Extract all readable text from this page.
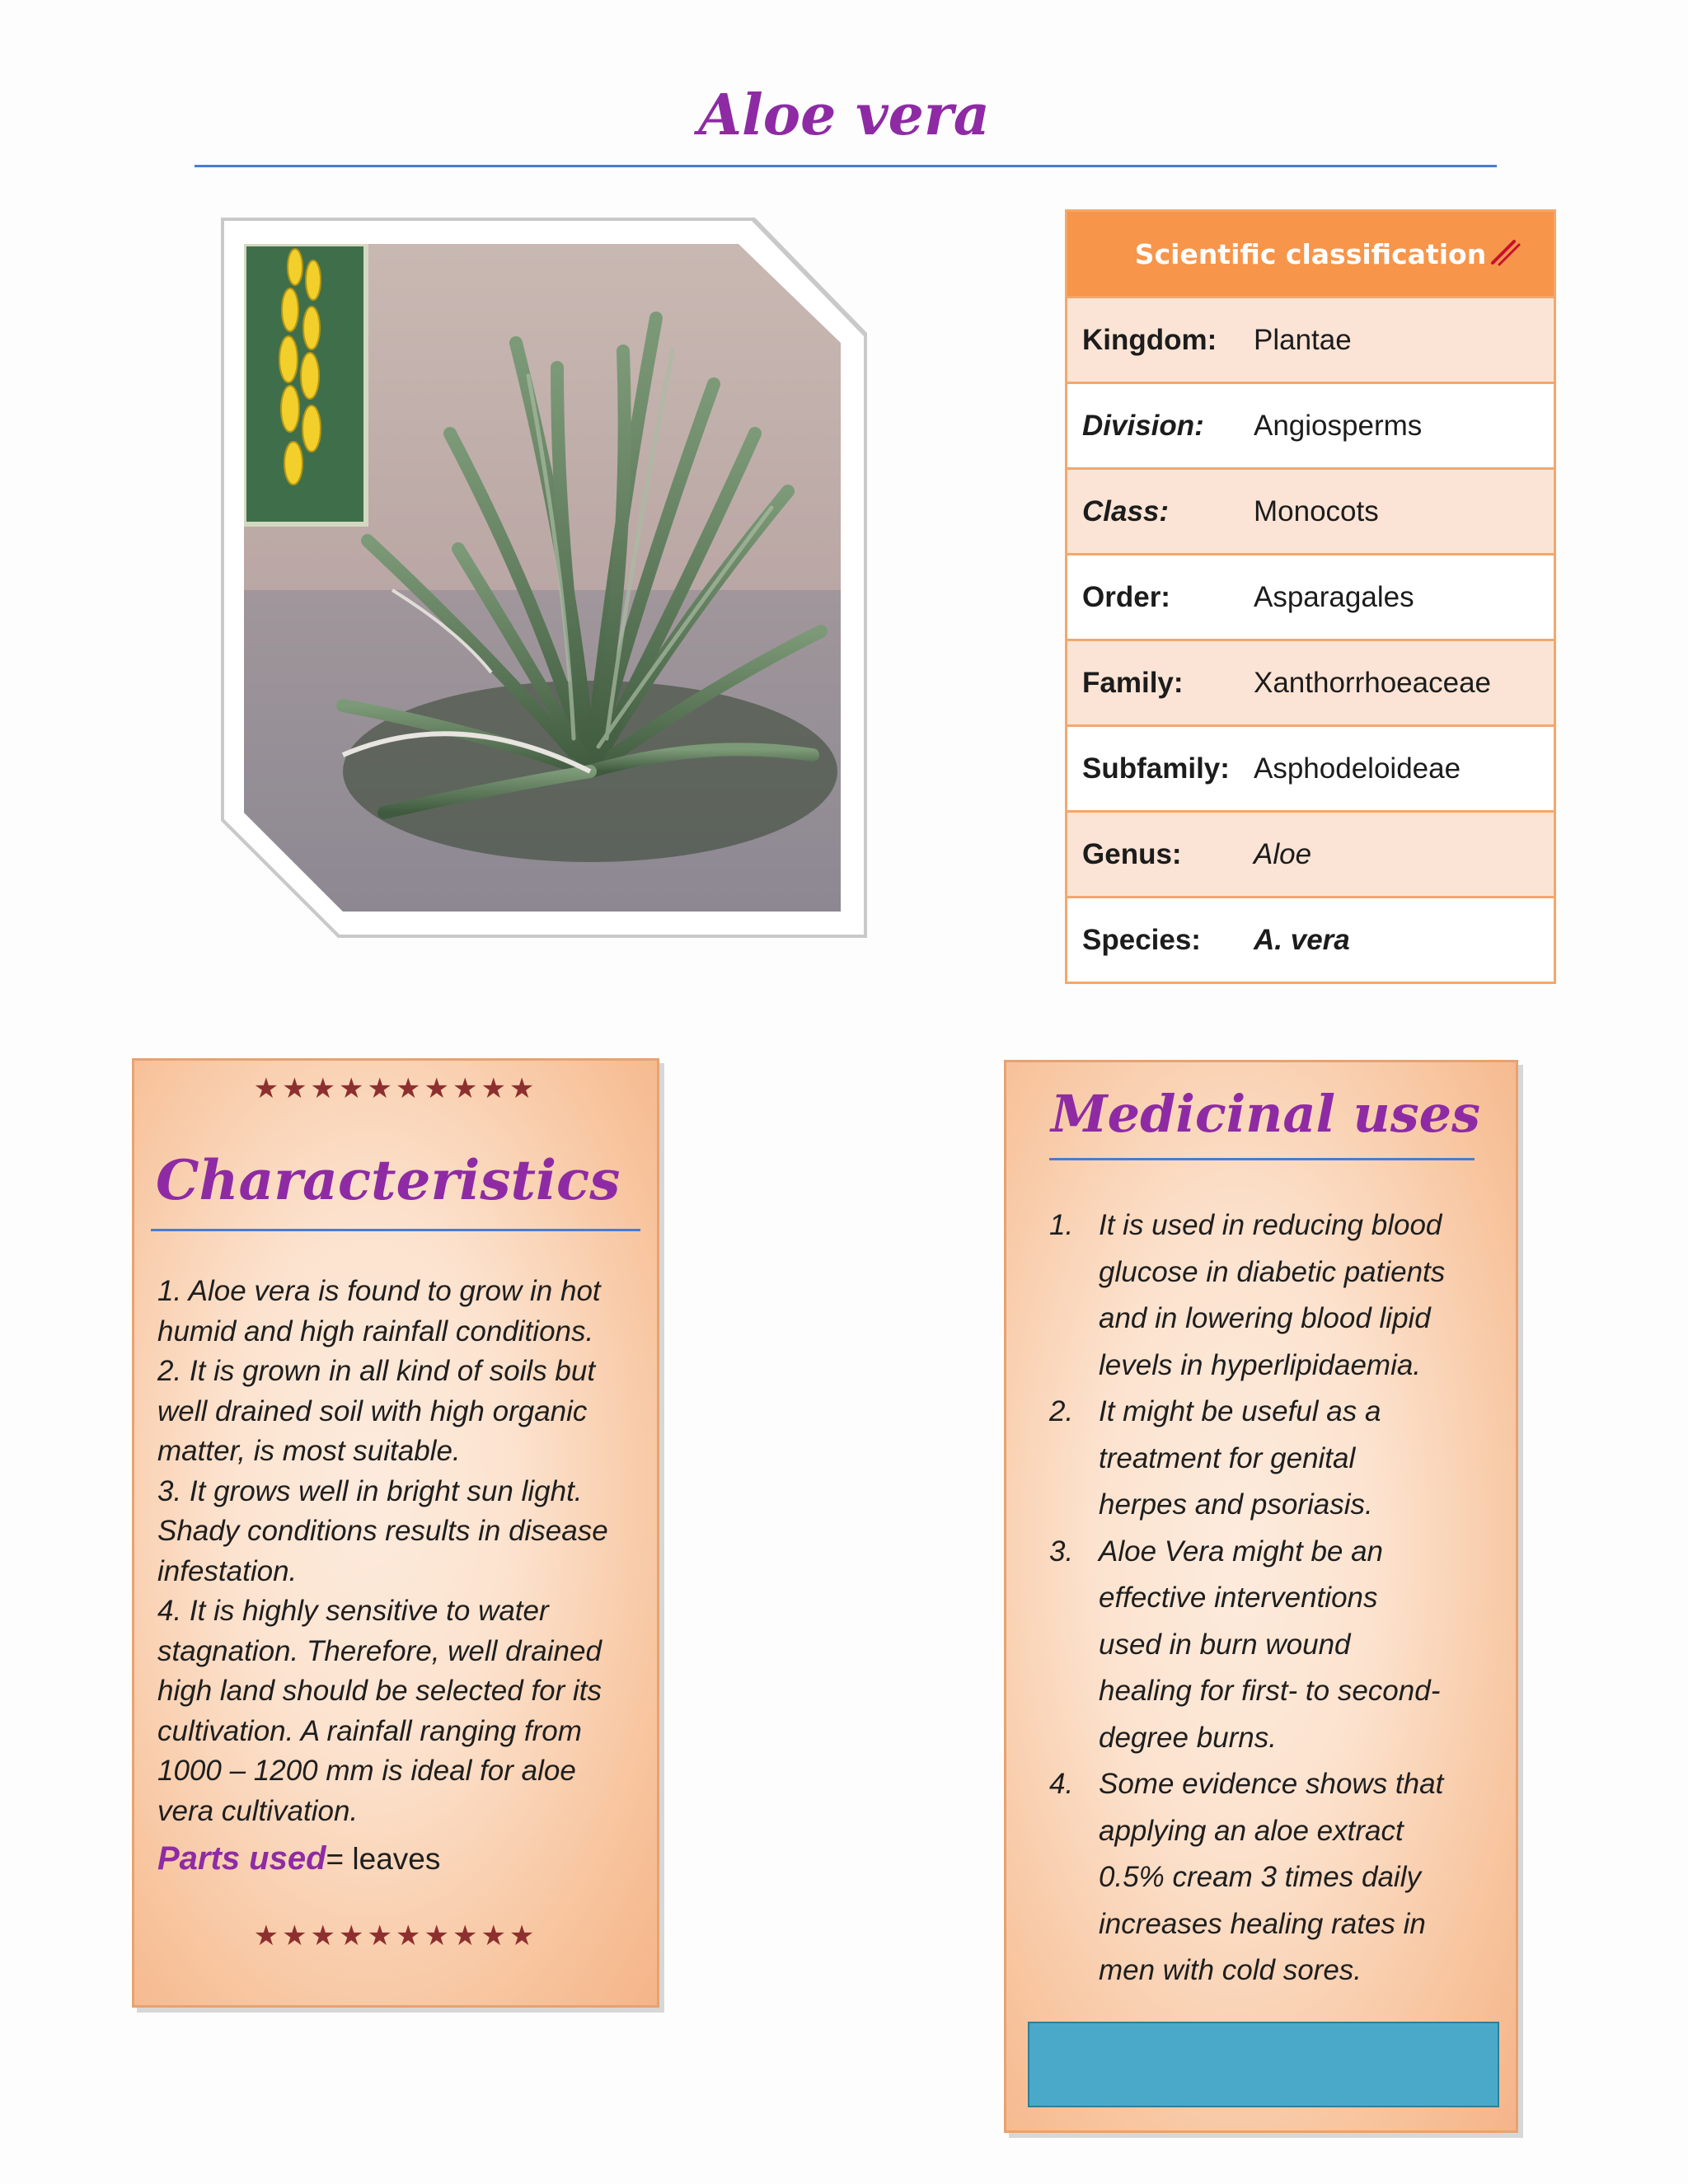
Aloe vera
Scientific classification
Kingdom:	Plantae
Division:	Angiosperms
Class:	Monocots
Order:	Asparagales
Family:	Xanthorrhoeaceae
Subfamily: Asphodeloideae
Genus:	Aloe
Species:	A. vera
★★★★★★★★★★
Characteristics

1. Aloe vera is found to grow in hot

humid and high rainfall conditions.

2. It is grown in all kind of soils but

well drained soil with high organic

matter, is most suitable.

3. It grows well in bright sun light.

Shady conditions results in disease

infestation.

4. It is highly sensitive to water

stagnation. Therefore, well drained

high land should be selected for its

cultivation. A rainfall ranging from

1000 – 1200 mm is ideal for aloe

vera cultivation.

Parts used= leaves
★★★★★★★★★★
Medicinal uses
1. It is used in reducing blood
glucose in diabetic patients
and in lowering blood lipid
levels in hyperlipidaemia.
2. It might be useful as a
treatment for genital
herpes and psoriasis.
3. Aloe Vera might be an
effective interventions
used in burn wound
healing for first- to second-
degree burns.
4. Some evidence shows that
applying an aloe extract
0.5% cream 3 times daily
increases healing rates in
men with cold sores.
